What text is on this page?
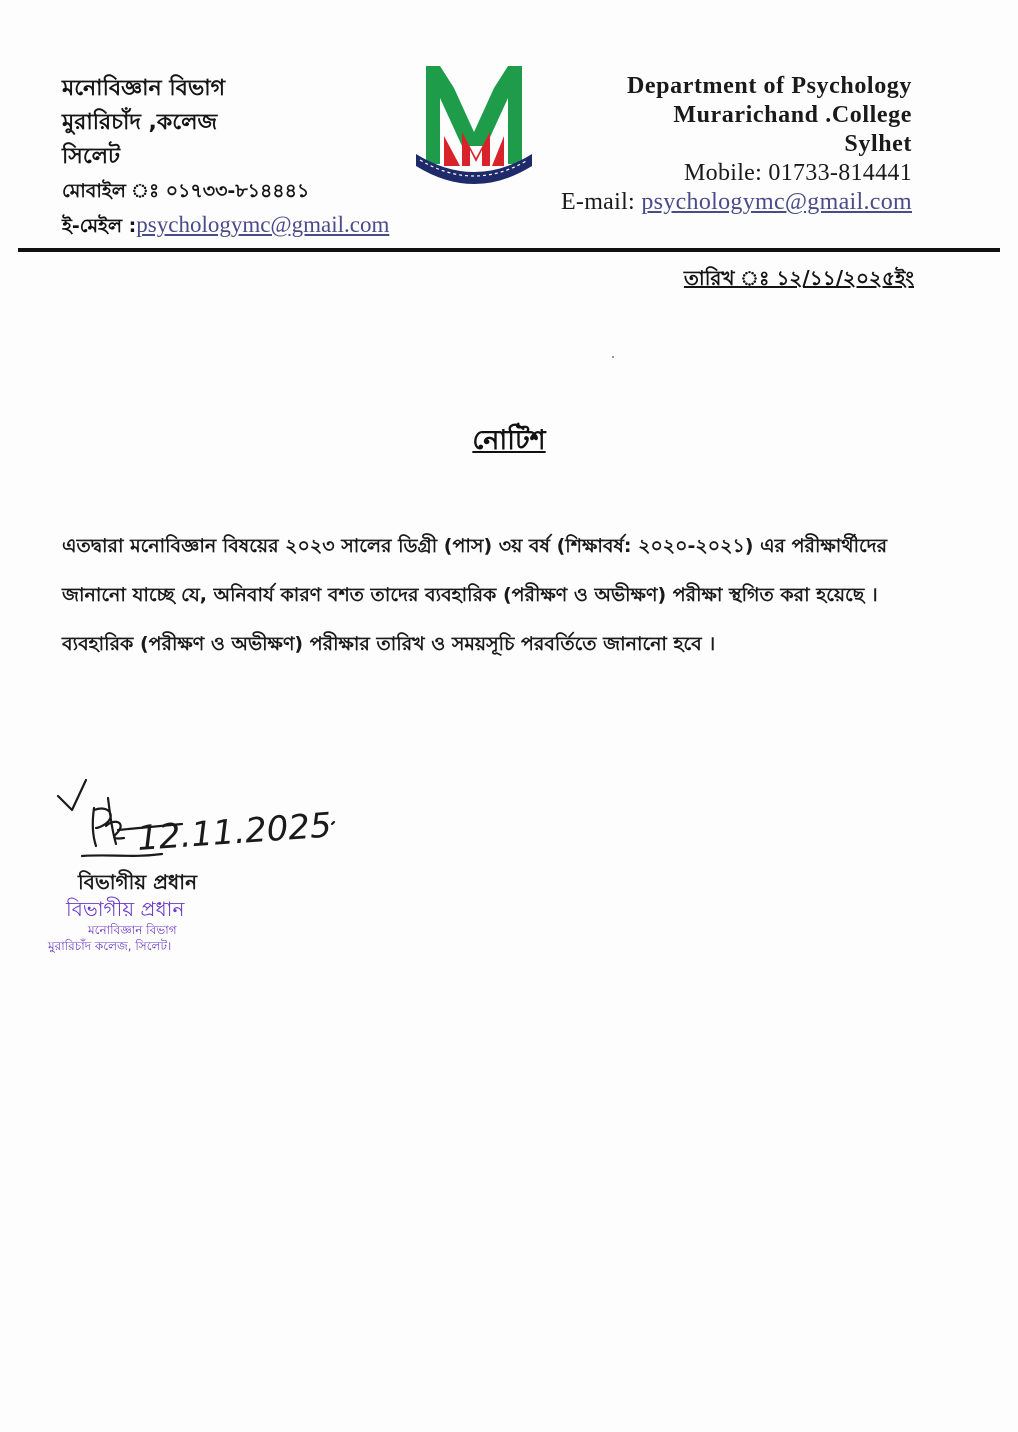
মনোবিজ্ঞান বিভাগ
মুরারিচাঁদ ,কলেজ
সিলেট
মোবাইল ঃ ০১৭৩৩-৮১৪৪৪১
ই-মেইল :psychologymc@gmail.com
Department of Psychology
Murarichand .College
Sylhet
Mobile: 01733-814441
E-mail: psychologymc@gmail.com
তারিখ ঃ ১২/১১/২০২৫ইং
নোটিশ
এতদ্বারা মনোবিজ্ঞান বিষয়ের ২০২৩ সালের ডিগ্রী (পাস) ৩য় বর্ষ (শিক্ষাবর্ষ: ২০২০-২০২১) এর পরীক্ষার্থীদের
জানানো যাচ্ছে যে, অনিবার্য কারণ বশত তাদের ব্যবহারিক (পরীক্ষণ ও অভীক্ষণ) পরীক্ষা স্থগিত করা হয়েছে ।
ব্যবহারিক (পরীক্ষণ ও অভীক্ষণ) পরীক্ষার তারিখ ও সময়সূচি পরবর্তিতে জানানো হবে ।
12.11.2025
বিভাগীয় প্রধান
বিভাগীয় প্রধান
মনোবিজ্ঞান বিভাগ
মুরারিচাঁদ কলেজ, সিলেট।
